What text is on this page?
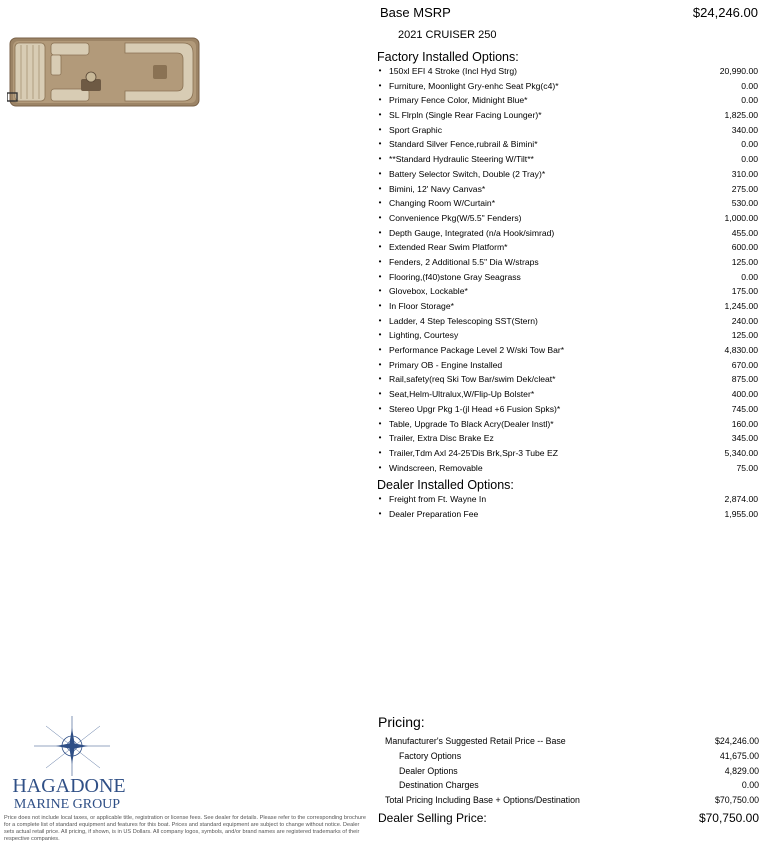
Base MSRP	$24,246.00
2021 CRUISER 250
Factory Installed Options:
• 150xl EFI 4 Stroke (Incl Hyd Strg)	20,990.00
• Furniture, Moonlight Gry-enhc Seat Pkg(c4)*	0.00
• Primary Fence Color, Midnight Blue*	0.00
• SL Flrpln (Single Rear Facing Lounger)*	1,825.00
• Sport Graphic	340.00
• Standard Silver Fence,rubrail & Bimini*	0.00
• **Standard Hydraulic Steering W/Tilt**	0.00
• Battery Selector Switch, Double (2 Tray)*	310.00
• Bimini, 12' Navy Canvas*	275.00
• Changing Room W/Curtain*	530.00
• Convenience Pkg(W/5.5" Fenders)	1,000.00
• Depth Gauge, Integrated (n/a Hook/simrad)	455.00
• Extended Rear Swim Platform*	600.00
• Fenders, 2 Additional 5.5" Dia W/straps	125.00
• Flooring,(f40)stone Gray Seagrass	0.00
• Glovebox, Lockable*	175.00
• In Floor Storage*	1,245.00
• Ladder, 4 Step Telescoping SST(Stern)	240.00
• Lighting, Courtesy	125.00
• Performance Package Level 2 W/ski Tow Bar*	4,830.00
• Primary OB - Engine Installed	670.00
• Rail,safety(req Ski Tow Bar/swim Dek/cleat*	875.00
• Seat,Helm-Ultralux,W/Flip-Up Bolster*	400.00
• Stereo Upgr Pkg 1-(jl Head +6 Fusion Spks)*	745.00
• Table, Upgrade To Black Acry(Dealer Instl)*	160.00
• Trailer, Extra Disc Brake Ez	345.00
• Trailer,Tdm Axl 24-25'Dis Brk,Spr-3 Tube EZ	5,340.00
• Windscreen, Removable	75.00
Dealer Installed Options:
• Freight from Ft. Wayne In	2,874.00
• Dealer Preparation Fee	1,955.00
Pricing:
Manufacturer's Suggested Retail Price -- Base	$24,246.00
Factory Options	41,675.00
Dealer Options	4,829.00
Destination Charges	0.00
Total Pricing Including Base + Options/Destination	$70,750.00
Dealer Selling Price:	$70,750.00
HAGADONE
MARINE GROUP
Price does not include local taxes, or applicable title, registration or license fees. See dealer for details. Please refer to the corresponding brochure for a complete list of standard equipment and features for this boat. Prices and standard equipment are subject to change without notice. Dealer sets actual retail price. All pricing, if shown, is in US Dollars. All company logos, symbols, and/or brand names are registered trademarks of their respective companies.
